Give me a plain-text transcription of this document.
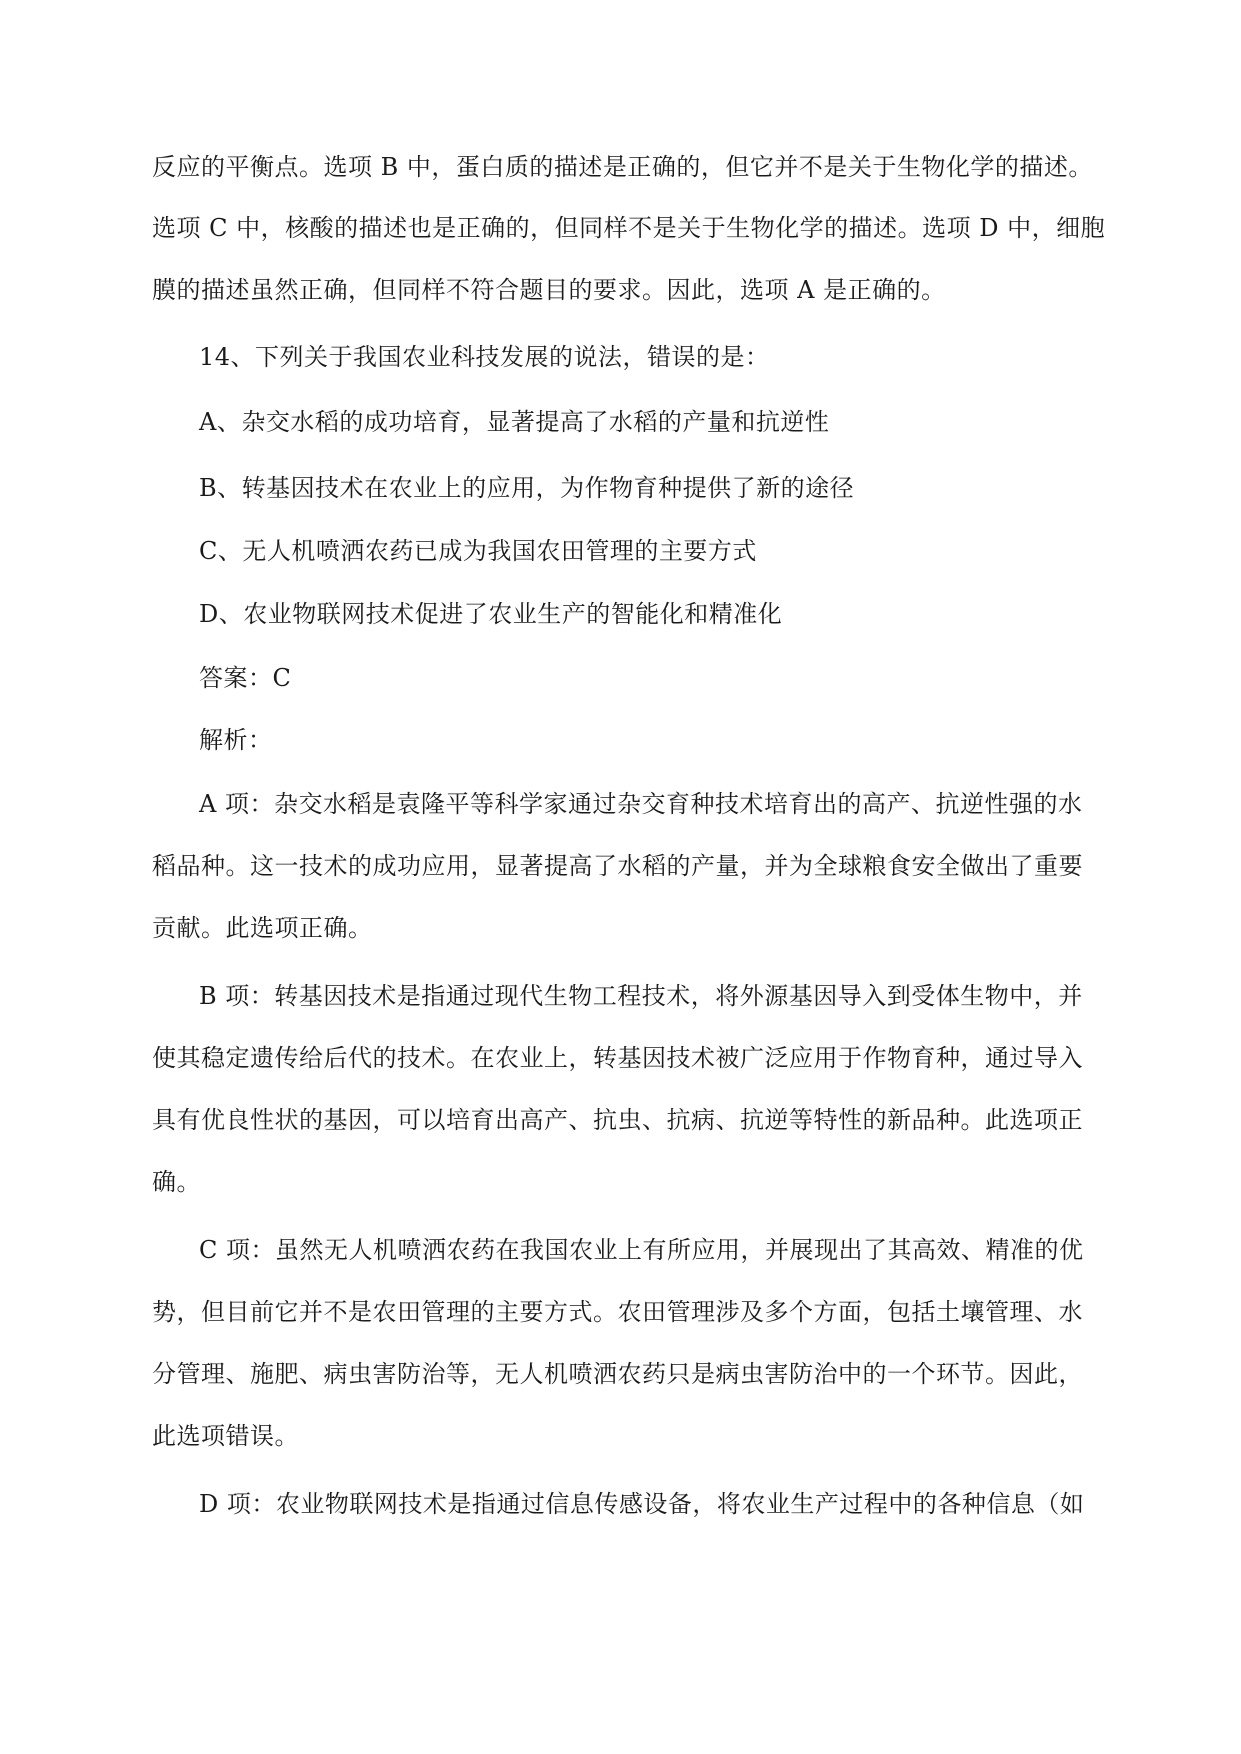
反应的平衡点。选项 B 中，蛋白质的描述是正确的，但它并不是关于生物化学的描述。
选项 C 中，核酸的描述也是正确的，但同样不是关于生物化学的描述。选项 D 中，细胞
膜的描述虽然正确，但同样不符合题目的要求。因此，选项 A 是正确的。
14、下列关于我国农业科技发展的说法，错误的是：
A、杂交水稻的成功培育，显著提高了水稻的产量和抗逆性
B、转基因技术在农业上的应用，为作物育种提供了新的途径
C、无人机喷洒农药已成为我国农田管理的主要方式
D、农业物联网技术促进了农业生产的智能化和精准化
答案：C
解析：
A 项：杂交水稻是袁隆平等科学家通过杂交育种技术培育出的高产、抗逆性强的水
稻品种。这一技术的成功应用，显著提高了水稻的产量，并为全球粮食安全做出了重要
贡献。此选项正确。
B 项：转基因技术是指通过现代生物工程技术，将外源基因导入到受体生物中，并
使其稳定遗传给后代的技术。在农业上，转基因技术被广泛应用于作物育种，通过导入
具有优良性状的基因，可以培育出高产、抗虫、抗病、抗逆等特性的新品种。此选项正
确。
C 项：虽然无人机喷洒农药在我国农业上有所应用，并展现出了其高效、精准的优
势，但目前它并不是农田管理的主要方式。农田管理涉及多个方面，包括土壤管理、水
分管理、施肥、病虫害防治等，无人机喷洒农药只是病虫害防治中的一个环节。因此，
此选项错误。
D 项：农业物联网技术是指通过信息传感设备，将农业生产过程中的各种信息（如
